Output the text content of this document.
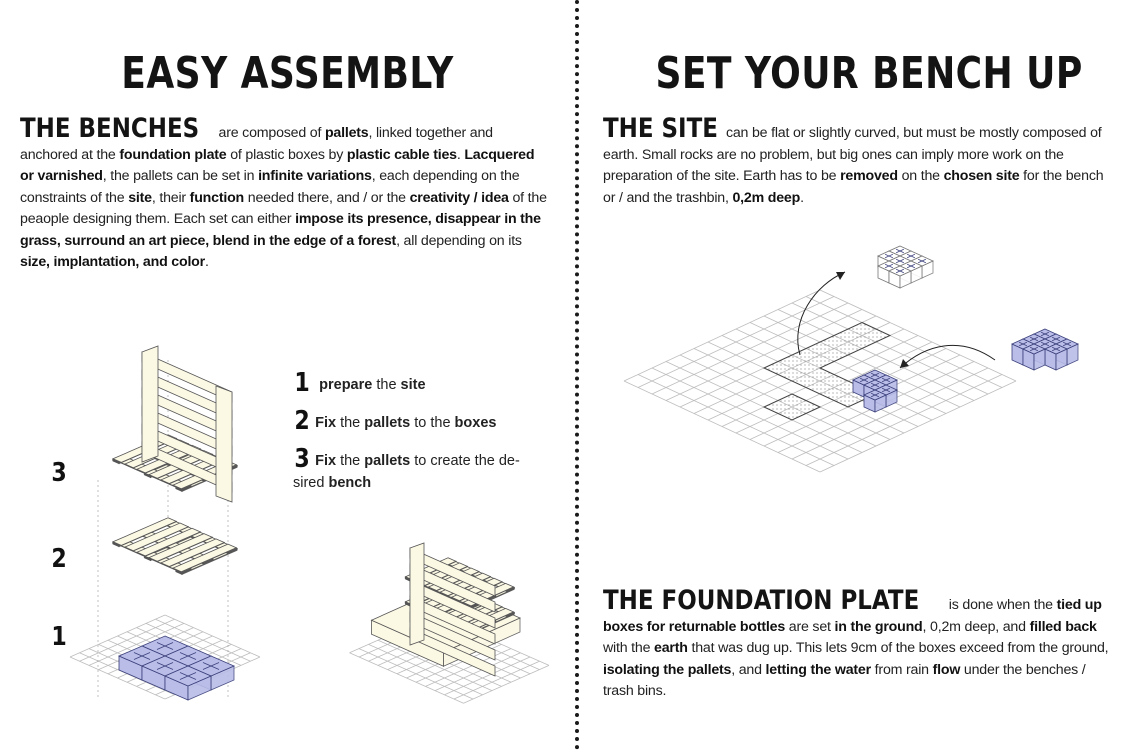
EASY ASSEMBLY	SET YOUR BENCH UP
THE BENCHES are composed of pallets, linked together and anchored at the foundation plate of plastic boxes by plastic cable ties. Lacquered or varnished, the pallets can be set in infinite variations, each depending on the constraints of the site, their function needed there, and / or the creativity / idea of the peaople designing them. Each set can either impose its presence, disappear in the grass, surround an art piece, blend in the edge of a forest, all depending on its size, implantation, and color.
THE SITE can be flat or slightly curved, but must be mostly composed of earth. Small rocks are no problem, but big ones can imply more work on the preparation of the site. Earth has to be removed on the chosen site for the bench or / and the trashbin, 0,2m deep.
THE FOUNDATION PLATE is done when the tied up boxes for returnable bottles are set in the ground, 0,2m deep, and filled back with the earth that was dug up. This lets 9cm of the boxes exceed from the ground, isolating the pallets, and letting the water from rain flow under the benches / trash bins.
1 prepare the site
2 Fix the pallets to the boxes
3 Fix the pallets to create the desired bench
3
2
1
